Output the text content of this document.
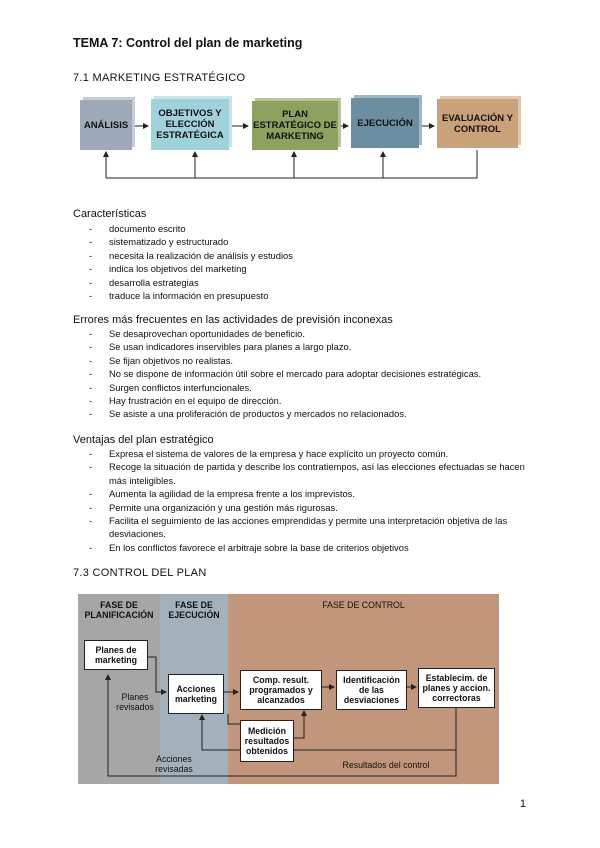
TEMA 7: Control del plan de marketing
7.1 MARKETING ESTRATÉGICO
ANÁLISIS
OBJETIVOS Y ELECCIÓN ESTRATÉGICA
PLAN ESTRATÉGICO DE MARKETING
EJECUCIÓN	EVALUACIÓN Y CONTROL
Características
- documento escrito
- sistematizado y estructurado
- necesita la realización de análisis y estudios
- indica los objetivos del marketing
- desarrolla estrategias
- traduce la información en presupuesto
Errores más frecuentes en las actividades de previsión inconexas
- Se desaprovechan oportunidades de beneficio.
- Se usan indicadores inservibles para planes a largo plazo.
- Se fijan objetivos no realistas.
- No se dispone de información útil sobre el mercado para adoptar decisiones estratégicas.
- Surgen conflictos interfuncionales.
- Hay frustración en el equipo de dirección.
- Se asiste a una proliferación de productos y mercados no relacionados.
Ventajas del plan estratégico
- Expresa el sistema de valores de la empresa y hace explícito un proyecto común.
- Recoge la situación de partida y describe los contratiempos, así las elecciones efectuadas se hacen más inteligibles.
- Aumenta la agilidad de la empresa frente a los imprevistos.
- Permite una organización y una gestión más rigurosas.
- Facilita el seguimiento de las acciones emprendidas y permite una interpretación objetiva de las desviaciones.
- En los conflictos favorece el arbitraje sobre la base de criterios objetivos
7.3 CONTROL DEL PLAN
FASE DE PLANIFICACIÓN
FASE DE EJECUCIÓN
FASE DE CONTROL
Planes de marketing
Acciones marketing
Comp. result. programados y alcanzados
Medición resultados obtenidos
Identificación de las desviaciones
Establecim. de planes y accion. correctoras
Planes revisados
Acciones revisadas	Resultados del control
1
